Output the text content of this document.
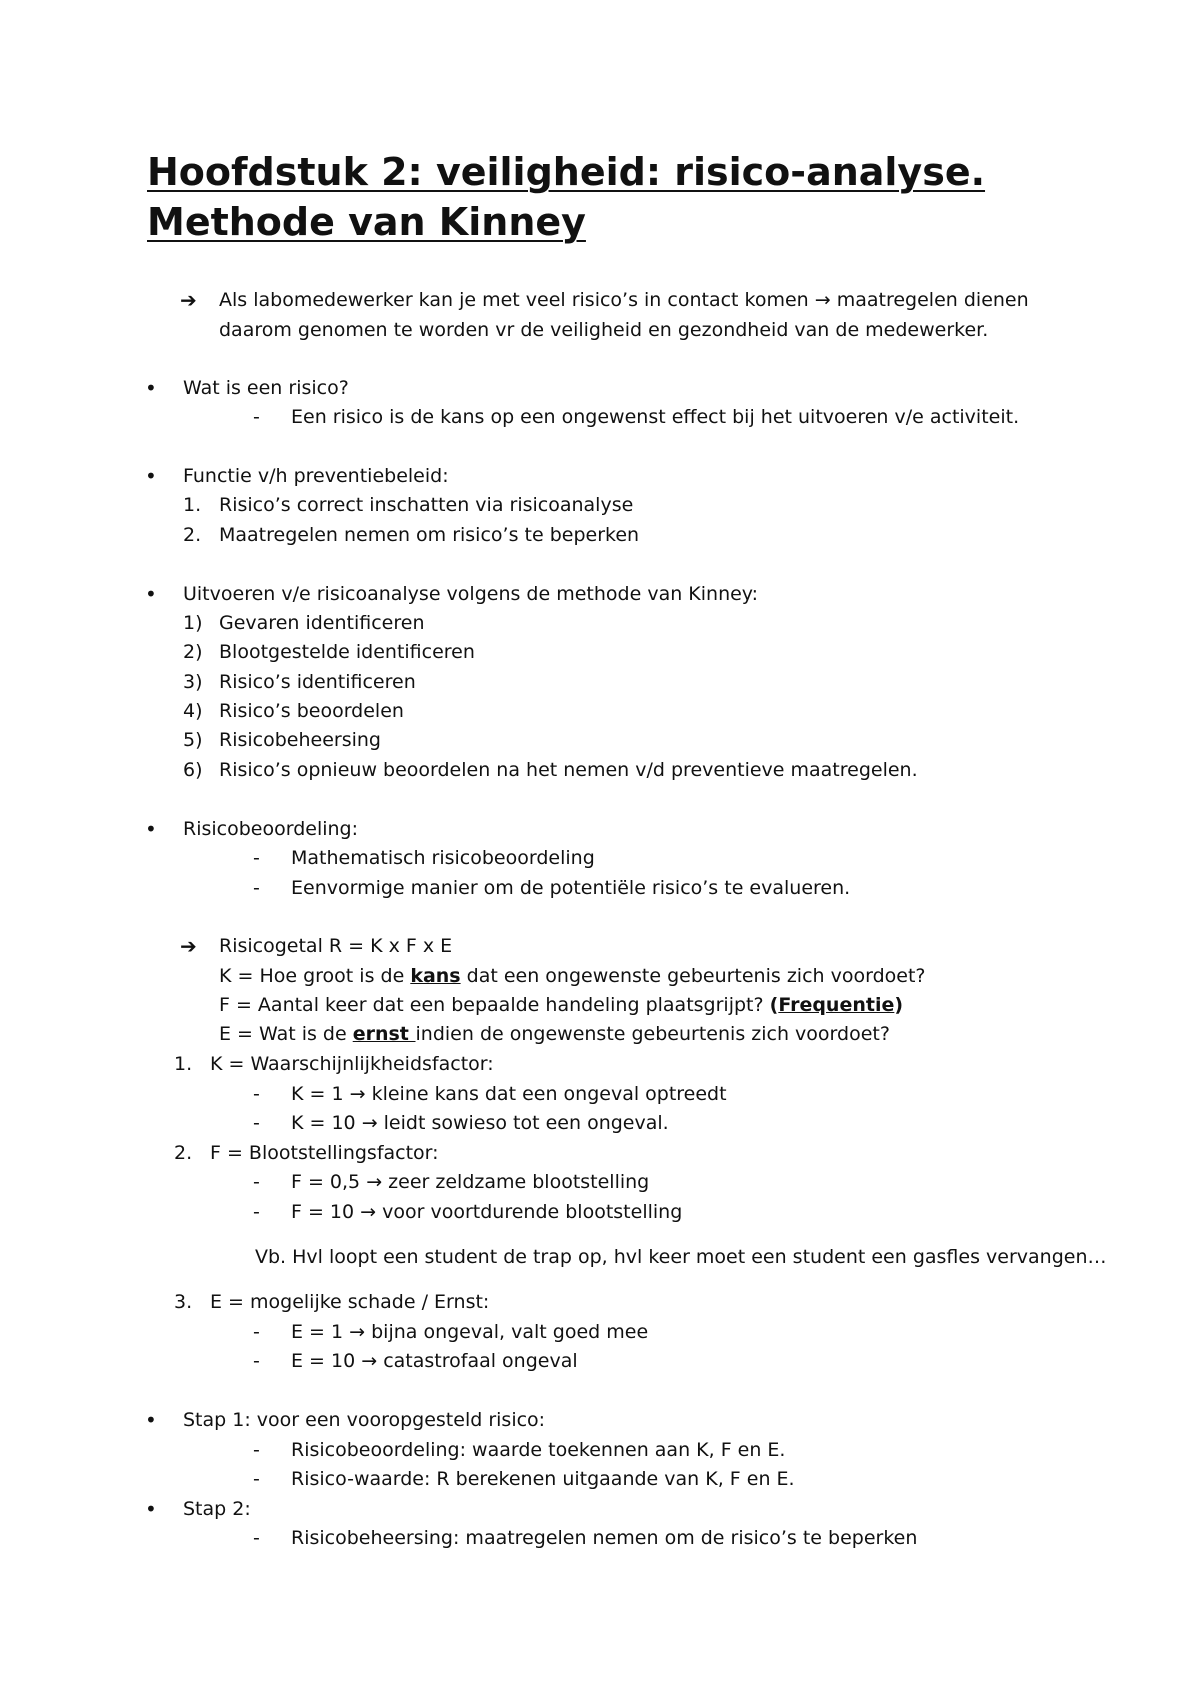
Hoofdstuk 2: veiligheid: risico-analyse. Methode van Kinney
➔ Als labomedewerker kan je met veel risico’s in contact komen → maatregelen dienen
daarom genomen te worden vr de veiligheid en gezondheid van de medewerker.
• Wat is een risico?
- Een risico is de kans op een ongewenst effect bij het uitvoeren v/e activiteit.
• Functie v/h preventiebeleid:
1. Risico’s correct inschatten via risicoanalyse
2. Maatregelen nemen om risico’s te beperken
• Uitvoeren v/e risicoanalyse volgens de methode van Kinney:
1) Gevaren identificeren
2) Blootgestelde identificeren
3) Risico’s identificeren
4) Risico’s beoordelen
5) Risicobeheersing
6) Risico’s opnieuw beoordelen na het nemen v/d preventieve maatregelen.
• Risicobeoordeling:
- Mathematisch risicobeoordeling
- Eenvormige manier om de potentiële risico’s te evalueren.
➔ Risicogetal R = K x F x E
K = Hoe groot is de kans dat een ongewenste gebeurtenis zich voordoet?
F = Aantal keer dat een bepaalde handeling plaatsgrijpt? (Frequentie)
E = Wat is de ernst indien de ongewenste gebeurtenis zich voordoet?
1. K = Waarschijnlijkheidsfactor:
- K = 1 → kleine kans dat een ongeval optreedt
- K = 10 → leidt sowieso tot een ongeval.
2. F = Blootstellingsfactor:
- F = 0,5 → zeer zeldzame blootstelling
- F = 10 → voor voortdurende blootstelling
Vb. Hvl loopt een student de trap op, hvl keer moet een student een gasfles vervangen…
3. E = mogelijke schade / Ernst:
- E = 1 → bijna ongeval, valt goed mee
- E = 10 → catastrofaal ongeval
• Stap 1: voor een vooropgesteld risico:
- Risicobeoordeling: waarde toekennen aan K, F en E.
- Risico-waarde: R berekenen uitgaande van K, F en E.
• Stap 2:
- Risicobeheersing: maatregelen nemen om de risico’s te beperken
